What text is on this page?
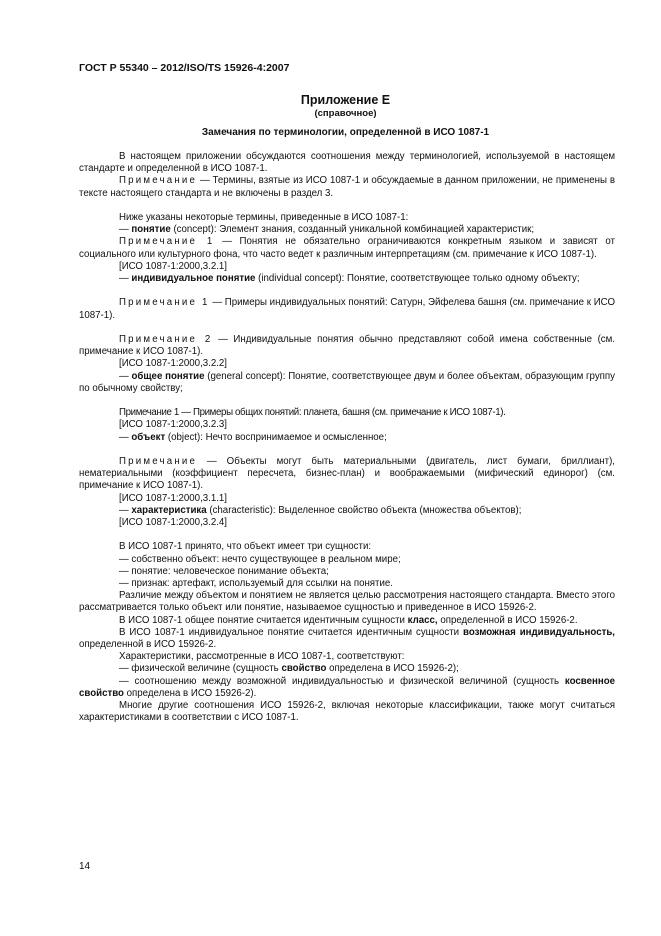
ГОСТ Р 55340 – 2012/ISO/TS 15926-4:2007
Приложение Е
(справочное)
Замечания по терминологии, определенной в ИСО 1087-1

В настоящем приложении обсуждаются соотношения между терминологией, используемой в настоящем стандарте и определенной в ИСО 1087-1.

Примечание — Термины, взятые из ИСО 1087-1 и обсуждаемые в данном приложении, не применены в тексте настоящего стандарта и не включены в раздел 3.

Ниже указаны некоторые термины, приведенные в ИСО 1087-1:

— понятие (concept): Элемент знания, созданный уникальной комбинацией характеристик;

Примечание 1 — Понятия не обязательно ограничиваются конкретным языком и зависят от социального или культурного фона, что часто ведет к различным интерпретациям (см. примечание к ИСО 1087-1).

[ИСО 1087-1:2000,3.2.1]

— индивидуальное понятие (individual concept): Понятие, соответствующее только одному объекту;

Примечание 1 — Примеры индивидуальных понятий: Сатурн, Эйфелева башня (см. примечание к ИСО 1087-1).

Примечание 2 — Индивидуальные понятия обычно представляют собой имена собственные (см. примечание к ИСО 1087-1).

[ИСО 1087-1:2000,3.2.2]

— общее понятие (general concept): Понятие, соответствующее двум и более объектам, образующим группу по обычному свойству;

Примечание 1 — Примеры общих понятий: планета, башня (см. примечание к ИСО 1087-1).

[ИСО 1087-1:2000,3.2.3]

— объект (object): Нечто воспринимаемое и осмысленное;

Примечание — Объекты могут быть материальными (двигатель, лист бумаги, бриллиант), нематериальными (коэффициент пересчета, бизнес-план) и воображаемыми (мифический единорог) (см. примечание к ИСО 1087-1).

[ИСО 1087-1:2000,3.1.1]

— характеристика (characteristic): Выделенное свойство объекта (множества объектов);

[ИСО 1087-1:2000,3.2.4]

В ИСО 1087-1 принято, что объект имеет три сущности:

— собственно объект: нечто существующее в реальном мире;

— понятие: человеческое понимание объекта;

— признак: артефакт, используемый для ссылки на понятие.

Различие между объектом и понятием не является целью рассмотрения настоящего стандарта. Вместо этого рассматривается только объект или понятие, называемое сущностью и приведенное в ИСО 15926-2.

В ИСО 1087-1 общее понятие считается идентичным сущности класс, определенной в ИСО 15926-2.

В ИСО 1087-1 индивидуальное понятие считается идентичным сущности возможная индивидуальность, определенной в ИСО 15926-2.

Характеристики, рассмотренные в ИСО 1087-1, соответствуют:

— физической величине (сущность свойство определена в ИСО 15926-2);

— соотношению между возможной индивидуальностью и физической величиной (сущность косвенное свойство определена в ИСО 15926-2).

Многие другие соотношения ИСО 15926-2, включая некоторые классификации, также могут считаться характеристиками в соответствии с ИСО 1087-1.

14
